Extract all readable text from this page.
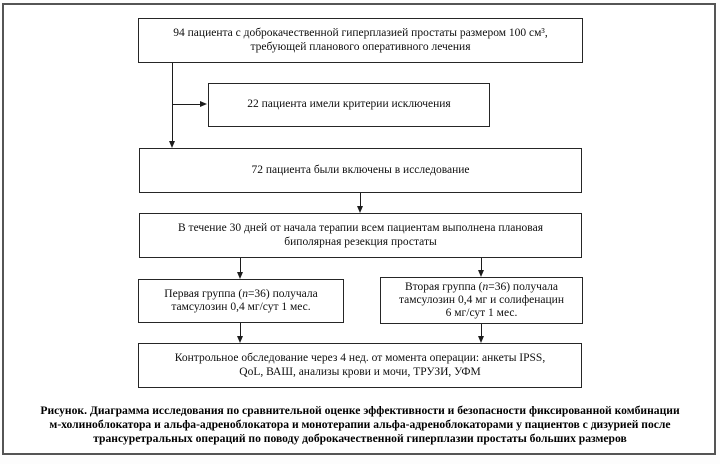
94 пациента с доброкачественной гиперплазией простаты размером 100 см³,
требующей планового оперативного лечения
22 пациента имели критерии исключения
72 пациента были включены в исследование
В течение 30 дней от начала терапии всем пациентам выполнена плановая
биполярная резекция простаты
Первая группа (n=36) получала
тамсулозин 0,4 мг/сут 1 мес.
Вторая группа (n=36) получала
тамсулозин 0,4 мг и солифенацин
6 мг/сут 1 мес.
Контрольное обследование через 4 нед. от момента операции: анкеты IPSS,
QoL, ВАШ, анализы крови и мочи, ТРУЗИ, УФМ
Рисунок. Диаграмма исследования по сравнительной оценке эффективности и безопасности фиксированной комбинации
м-холиноблокатора и альфа-адреноблокатора и монотерапии альфа-адреноблокаторами у пациентов с дизурией после
трансуретральных операций по поводу доброкачественной гиперплазии простаты больших размеров
